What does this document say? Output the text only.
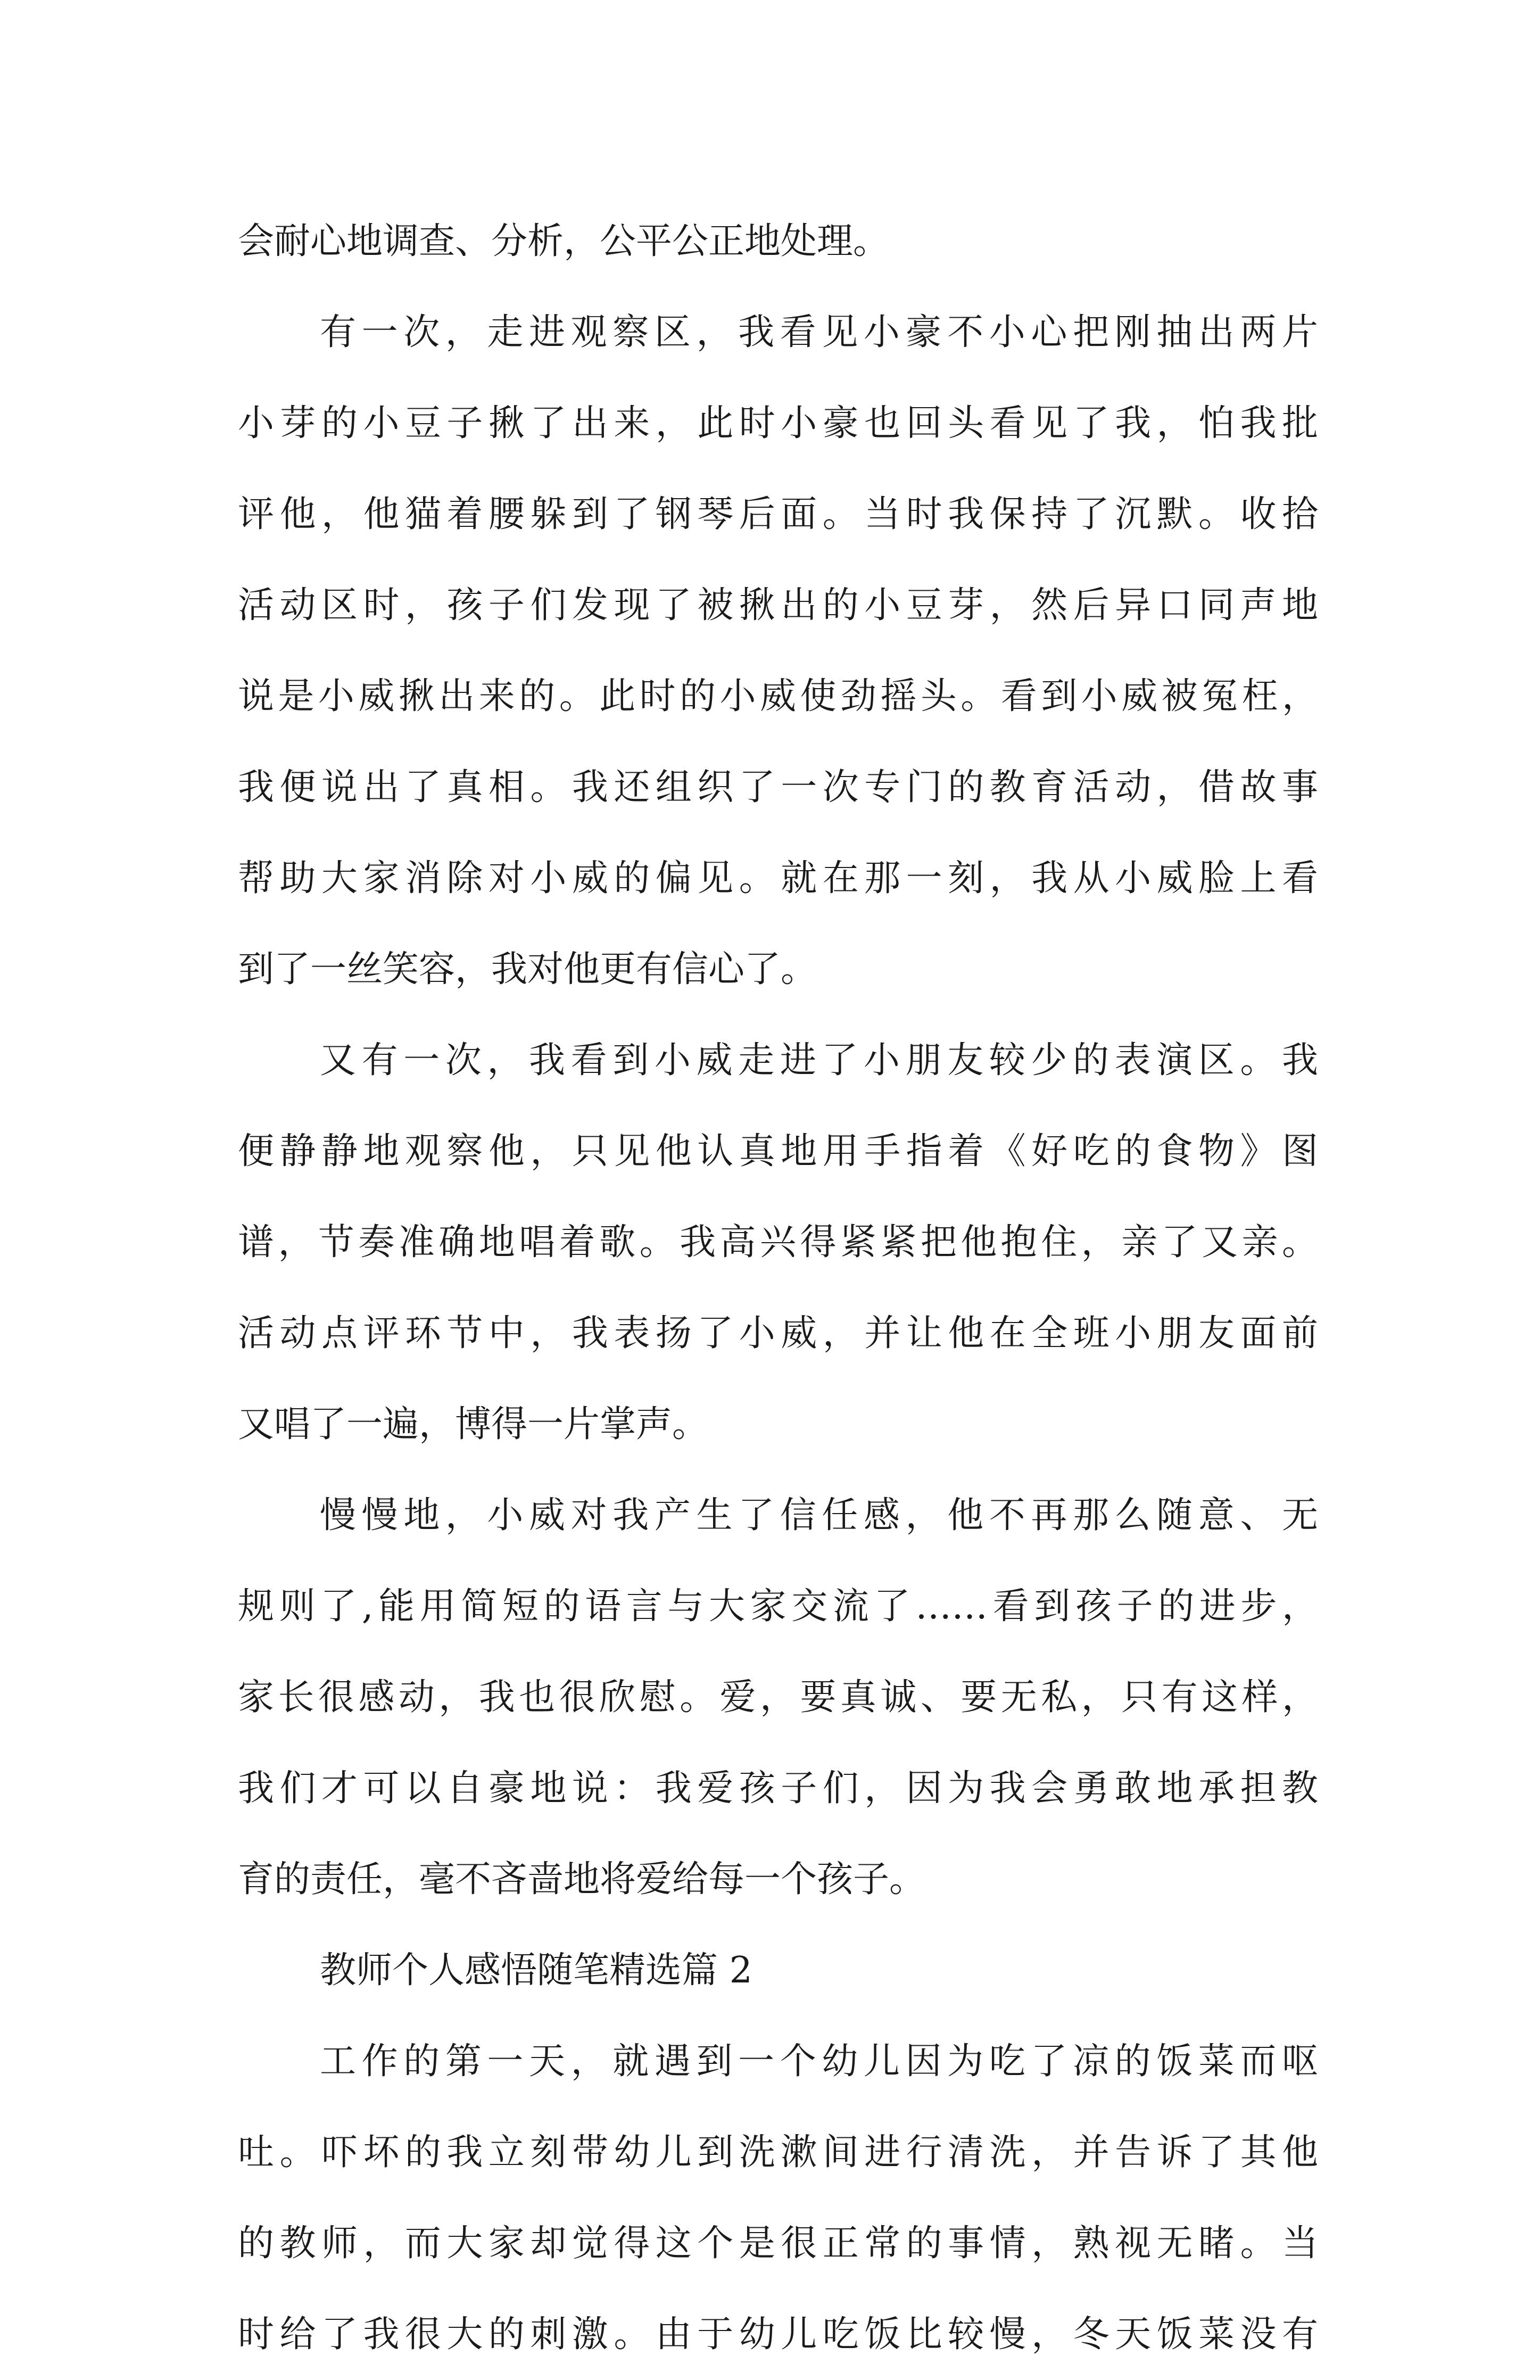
会耐心地调查、分析，公平公正地处理。
有一次，走进观察区，我看见小豪不小心把刚抽出两片
小芽的小豆子揪了出来，此时小豪也回头看见了我，怕我批
评他，他猫着腰躲到了钢琴后面。当时我保持了沉默。收拾
活动区时，孩子们发现了被揪出的小豆芽，然后异口同声地
说是小威揪出来的。此时的小威使劲摇头。看到小威被冤枉，
我便说出了真相。我还组织了一次专门的教育活动，借故事
帮助大家消除对小威的偏见。就在那一刻，我从小威脸上看
到了一丝笑容，我对他更有信心了。
又有一次，我看到小威走进了小朋友较少的表演区。我
便静静地观察他，只见他认真地用手指着《好吃的食物》图
谱，节奏准确地唱着歌。我高兴得紧紧把他抱住，亲了又亲。
活动点评环节中，我表扬了小威，并让他在全班小朋友面前
又唱了一遍，博得一片掌声。
慢慢地，小威对我产生了信任感，他不再那么随意、无
规则了,能用简短的语言与大家交流了……看到孩子的进步，
家长很感动，我也很欣慰。爱，要真诚、要无私，只有这样，
我们才可以自豪地说：我爱孩子们，因为我会勇敢地承担教
育的责任，毫不吝啬地将爱给每一个孩子。
教师个人感悟随笔精选篇 2
工作的第一天，就遇到一个幼儿因为吃了凉的饭菜而呕
吐。吓坏的我立刻带幼儿到洗漱间进行清洗，并告诉了其他
的教师，而大家却觉得这个是很正常的事情，熟视无睹。当
时给了我很大的刺激。由于幼儿吃饭比较慢，冬天饭菜没有
